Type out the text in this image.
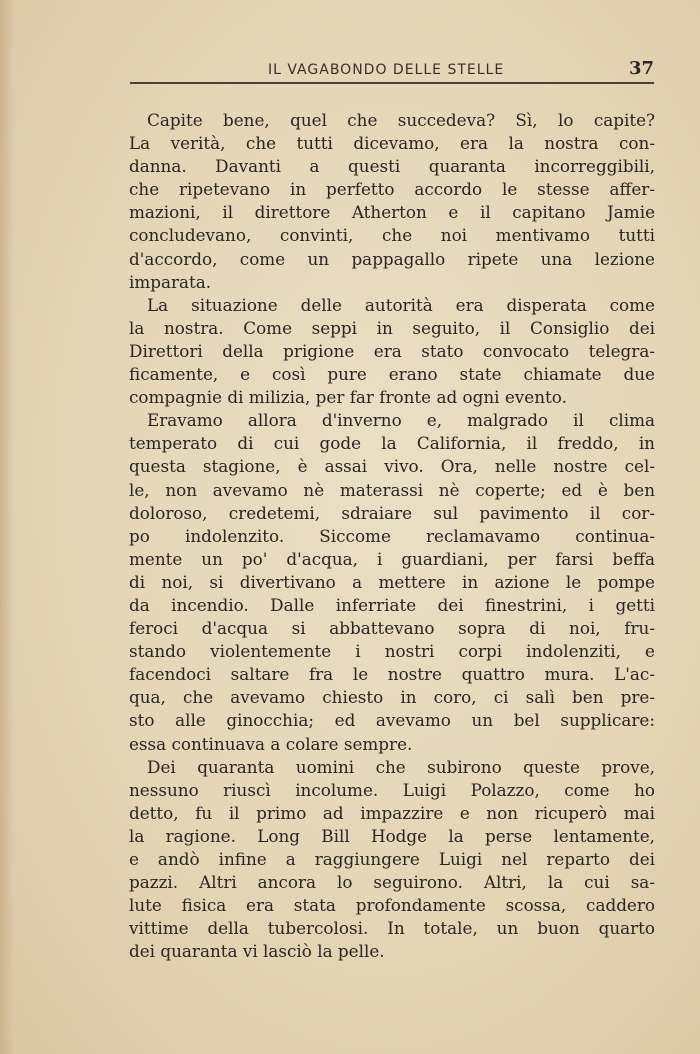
IL VAGABONDO DELLE STELLE	37
Capite bene, quel che succedeva? Sì, lo capite?
La verità, che tutti dicevamo, era la nostra con-
danna. Davanti a questi quaranta incorreggibili,
che ripetevano in perfetto accordo le stesse affer-
mazioni, il direttore Atherton e il capitano Jamie
concludevano, convinti, che noi mentivamo tutti
d'accordo, come un pappagallo ripete una lezione
imparata.
La situazione delle autorità era disperata come
la nostra. Come seppi in seguito, il Consiglio dei
Direttori della prigione era stato convocato telegra-
ficamente, e così pure erano state chiamate due
compagnie di milizia, per far fronte ad ogni evento.
Eravamo allora d'inverno e, malgrado il clima
temperato di cui gode la California, il freddo, in
questa stagione, è assai vivo. Ora, nelle nostre cel-
le, non avevamo nè materassi nè coperte; ed è ben
doloroso, credetemi, sdraiare sul pavimento il cor-
po indolenzito. Siccome reclamavamo continua-
mente un po' d'acqua, i guardiani, per farsi beffa
di noi, si divertivano a mettere in azione le pompe
da incendio. Dalle inferriate dei finestrini, i getti
feroci d'acqua si abbattevano sopra di noi, fru-
stando violentemente i nostri corpi indolenziti, e
facendoci saltare fra le nostre quattro mura. L'ac-
qua, che avevamo chiesto in coro, ci salì ben pre-
sto alle ginocchia; ed avevamo un bel supplicare:
essa continuava a colare sempre.
Dei quaranta uomini che subirono queste prove,
nessuno riuscì incolume. Luigi Polazzo, come ho
detto, fu il primo ad impazzire e non ricuperò mai
la ragione. Long Bill Hodge la perse lentamente,
e andò infine a raggiungere Luigi nel reparto dei
pazzi. Altri ancora lo seguirono. Altri, la cui sa-
lute fisica era stata profondamente scossa, caddero
vittime della tubercolosi. In totale, un buon quarto
dei quaranta vi lasciò la pelle.
